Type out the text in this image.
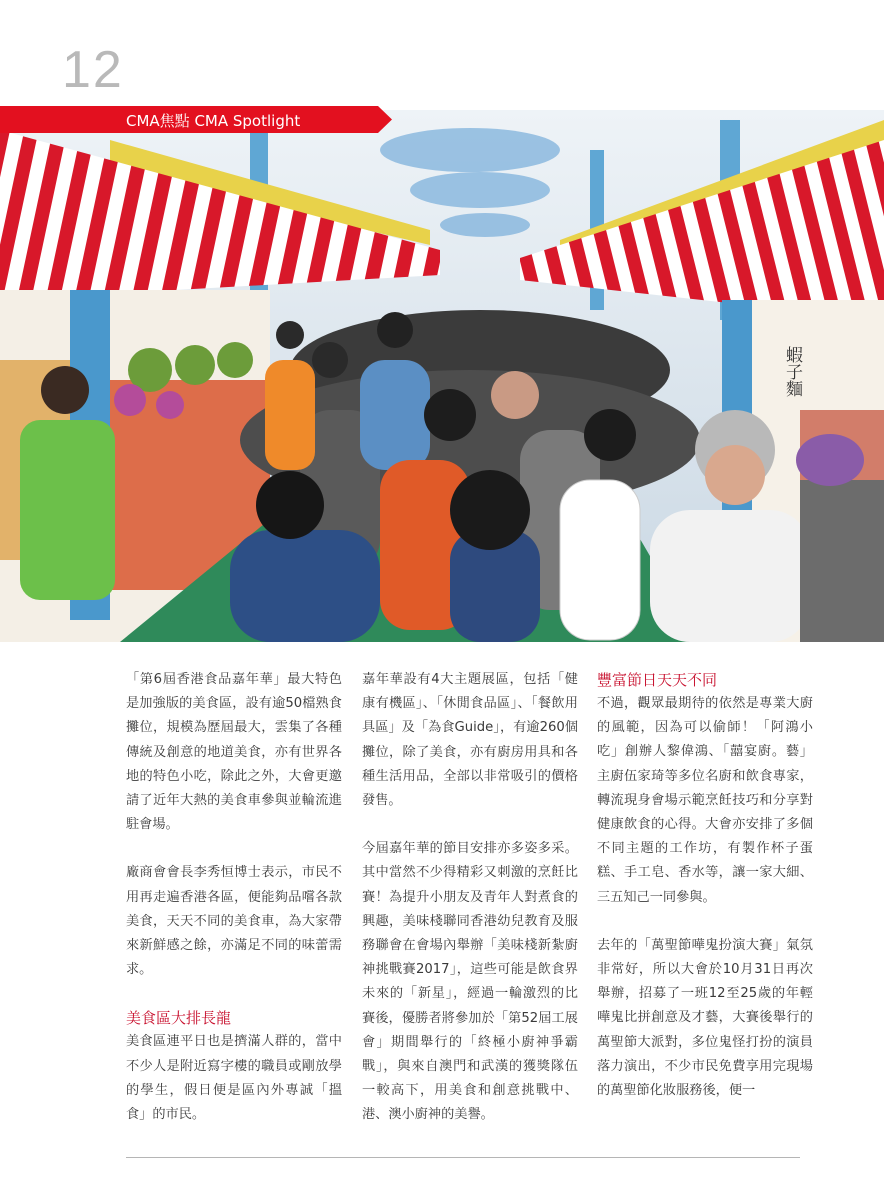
12
蝦子麵
CMA焦點 CMA Spotlight

「第6屆香港食品嘉年華」最大特色是加強版的美食區，設有逾50檔熟食攤位，規模為歷屆最大，雲集了各種傳統及創意的地道美食，亦有世界各地的特色小吃，除此之外，大會更邀請了近年大熱的美食車參與並輪流進駐會場。

廠商會會長李秀恒博士表示，市民不用再走遍香港各區，便能夠品嚐各款美食，天天不同的美食車，為大家帶來新鮮感之餘，亦滿足不同的味蕾需求。

美食區大排長龍

美食區連平日也是擠滿人群的，當中不少人是附近寫字樓的職員或剛放學的學生，假日便是區內外專誠「搵食」的市民。

嘉年華設有4大主題展區，包括「健康有機區」、「休閒食品區」、「餐飲用具區」及「為食Guide」，有逾260個攤位，除了美食，亦有廚房用具和各種生活用品，全部以非常吸引的價格發售。

今屆嘉年華的節目安排亦多姿多采。其中當然不少得精彩又刺激的烹飪比賽！為提升小朋友及青年人對煮食的興趣，美味棧聯同香港幼兒教育及服務聯會在會場內舉辦「美味棧新紮廚神挑戰賽2017」，這些可能是飲食界未來的「新星」，經過一輪激烈的比賽後，優勝者將參加於「第52屆工展會」期間舉行的「終極小廚神爭霸戰」，與來自澳門和武漢的獲獎隊伍一較高下，用美食和創意挑戰中、港、澳小廚神的美譽。

豐富節日天天不同

不過，觀眾最期待的依然是專業大廚的風範，因為可以偷師！「阿鴻小吃」創辦人黎偉鴻、「囍宴廚。藝」主廚伍家琦等多位名廚和飲食專家，轉流現身會場示範烹飪技巧和分享對健康飲食的心得。大會亦安排了多個不同主題的工作坊，有製作杯子蛋糕、手工皂、香水等，讓一家大細、三五知己一同參與。

去年的「萬聖節嘩鬼扮演大賽」氣氛非常好，所以大會於10月31日再次舉辦，招募了一班12至25歲的年輕嘩鬼比拼創意及才藝，大賽後舉行的萬聖節大派對，多位鬼怪打扮的演員落力演出，不少市民免費享用完現場的萬聖節化妝服務後，便一
